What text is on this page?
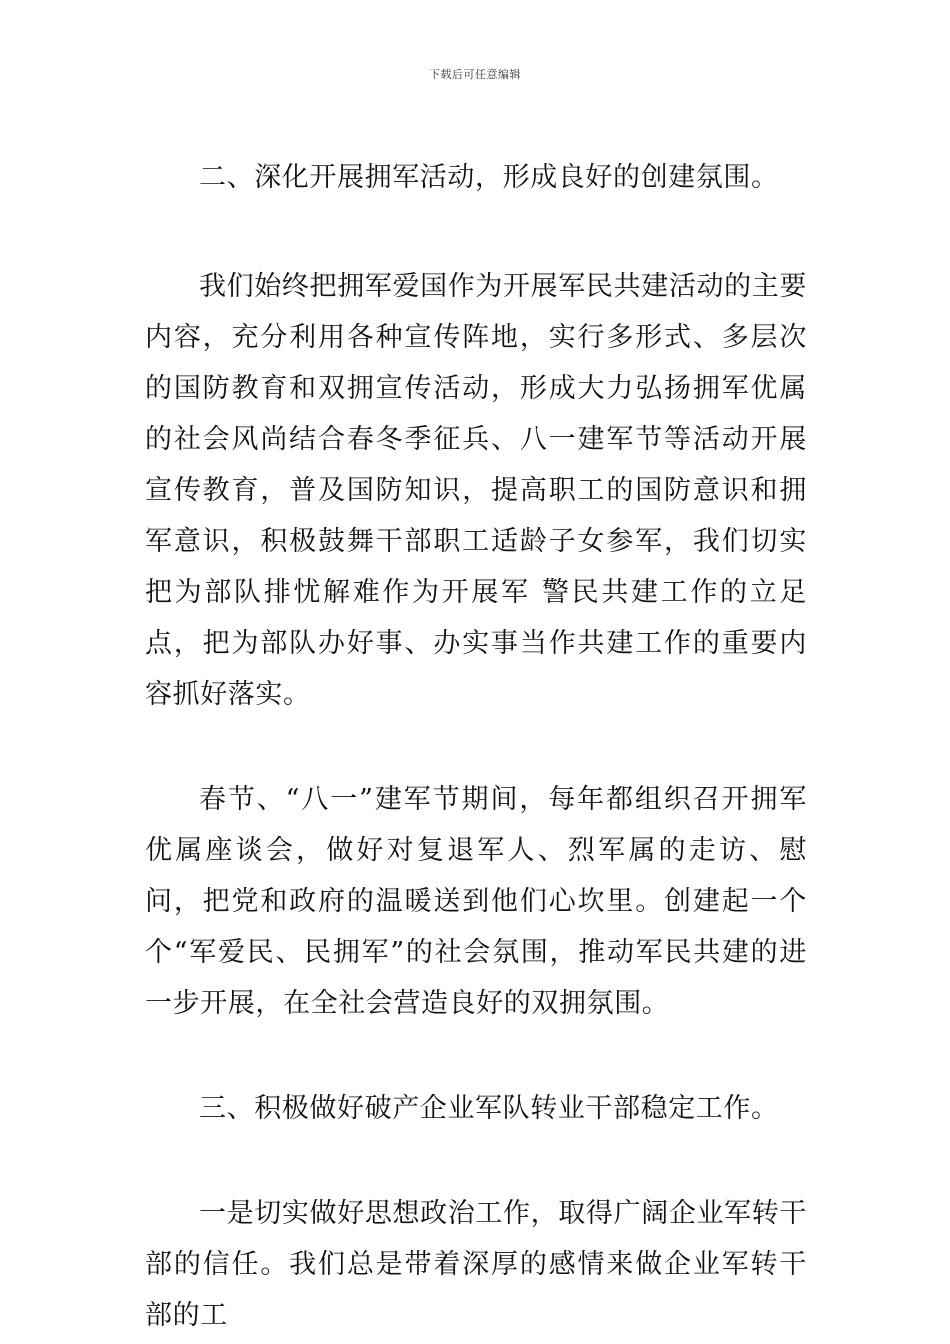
下载后可任意编辑

二、深化开展拥军活动，形成良好的创建氛围。

我们始终把拥军爱国作为开展军民共建活动的主要内容，充分利用各种宣传阵地，实行多形式、多层次的国防教育和双拥宣传活动，形成大力弘扬拥军优属的社会风尚结合春冬季征兵、八一建军节等活动开展宣传教育，普及国防知识，提高职工的国防意识和拥军意识，积极鼓舞干部职工适龄子女参军，我们切实把为部队排忧解难作为开展军 警民共建工作的立足点，把为部队办好事、办实事当作共建工作的重要内容抓好落实。

春节、“八一”建军节期间，每年都组织召开拥军优属座谈会，做好对复退军人、烈军属的走访、慰问，把党和政府的温暖送到他们心坎里。创建起一个个“军爱民、民拥军”的社会氛围，推动军民共建的进一步开展，在全社会营造良好的双拥氛围。

三、积极做好破产企业军队转业干部稳定工作。

一是切实做好思想政治工作，取得广阔企业军转干部的信任。我们总是带着深厚的感情来做企业军转干部的工
